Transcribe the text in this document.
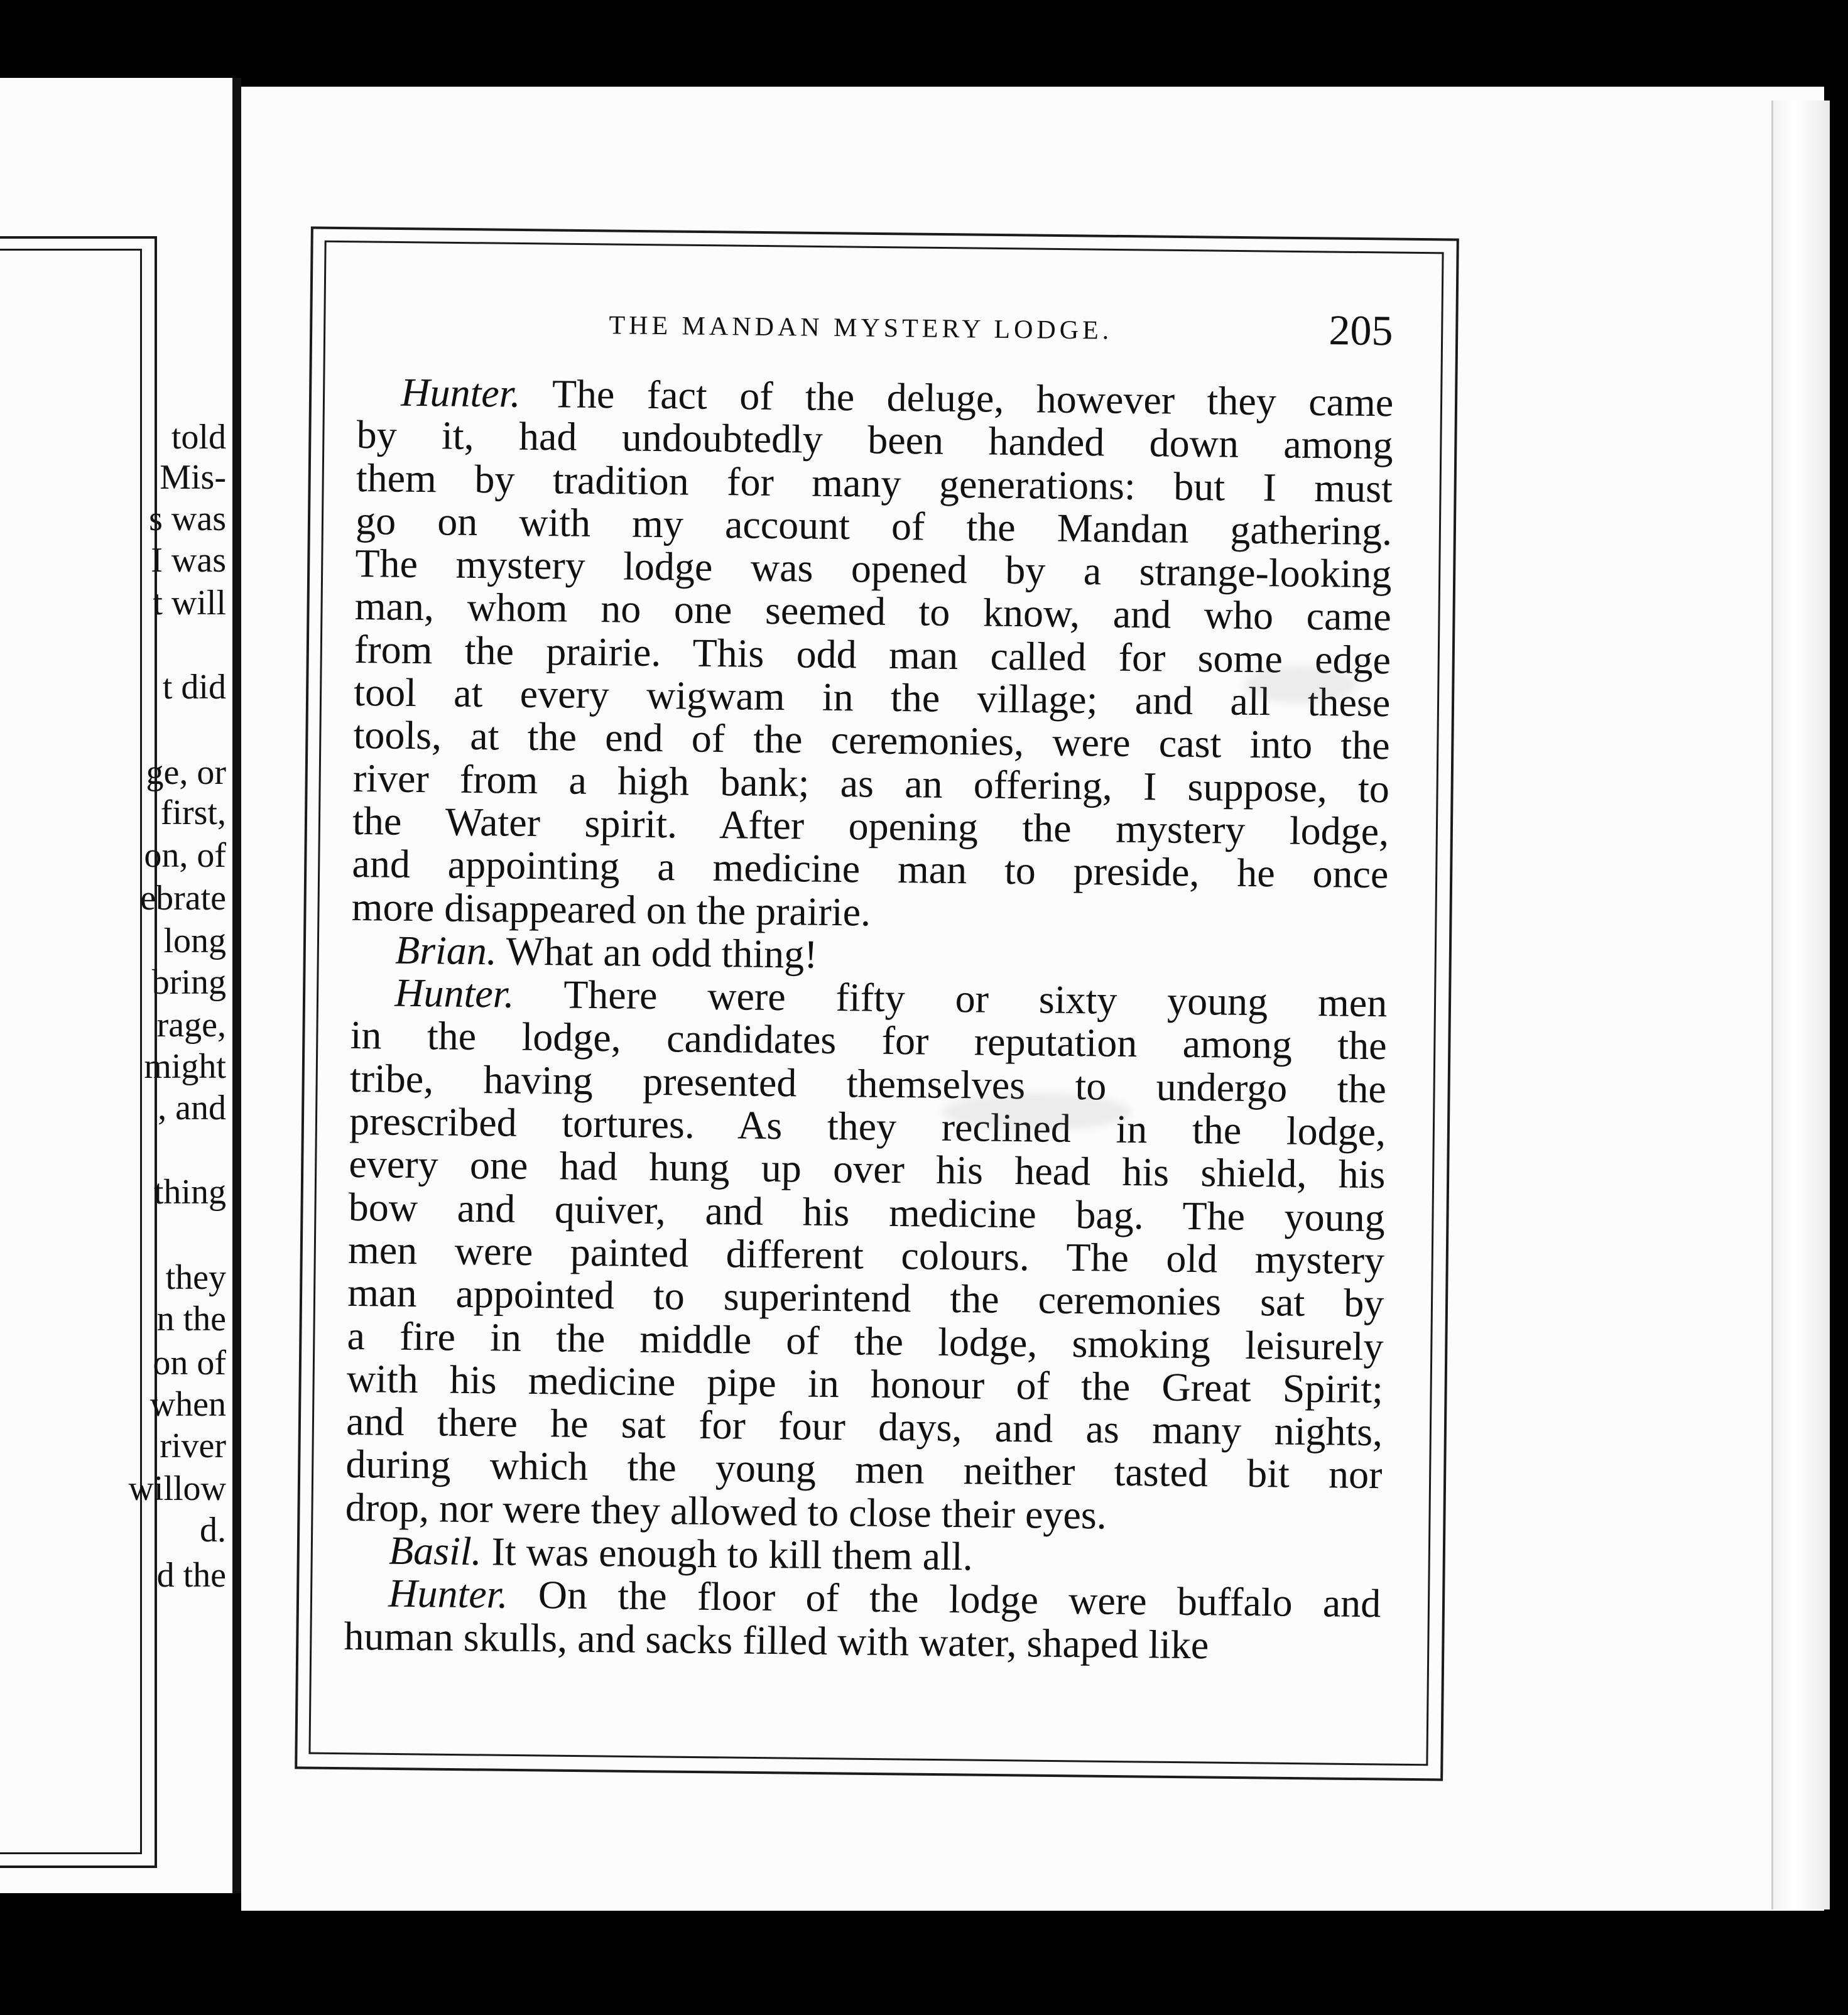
told
Mis-
s was
I was
t will
t did
ge, or
first,
on, of
ebrate
long
bring
rage,
might
, and
thing
they
n the
on of
when
river
willow
d.
d the
THE MANDAN MYSTERY LODGE.	205
Hunter. The fact of the deluge, however they came
by it, had undoubtedly been handed down among
them by tradition for many generations: but I must
go on with my account of the Mandan gathering.
The mystery lodge was opened by a strange-looking
man, whom no one seemed to know, and who came
from the prairie. This odd man called for some edge
tool at every wigwam in the village; and all these
tools, at the end of the ceremonies, were cast into the
river from a high bank; as an offering, I suppose, to
the Water spirit. After opening the mystery lodge,
and appointing a medicine man to preside, he once
more disappeared on the prairie.
Brian. What an odd thing!
Hunter. There were fifty or sixty young men
in the lodge, candidates for reputation among the
tribe, having presented themselves to undergo the
prescribed tortures. As they reclined in the lodge,
every one had hung up over his head his shield, his
bow and quiver, and his medicine bag. The young
men were painted different colours. The old mystery
man appointed to superintend the ceremonies sat by
a fire in the middle of the lodge, smoking leisurely
with his medicine pipe in honour of the Great Spirit;
and there he sat for four days, and as many nights,
during which the young men neither tasted bit nor
drop, nor were they allowed to close their eyes.
Basil. It was enough to kill them all.
Hunter. On the floor of the lodge were buffalo and
human skulls, and sacks filled with water, shaped like
